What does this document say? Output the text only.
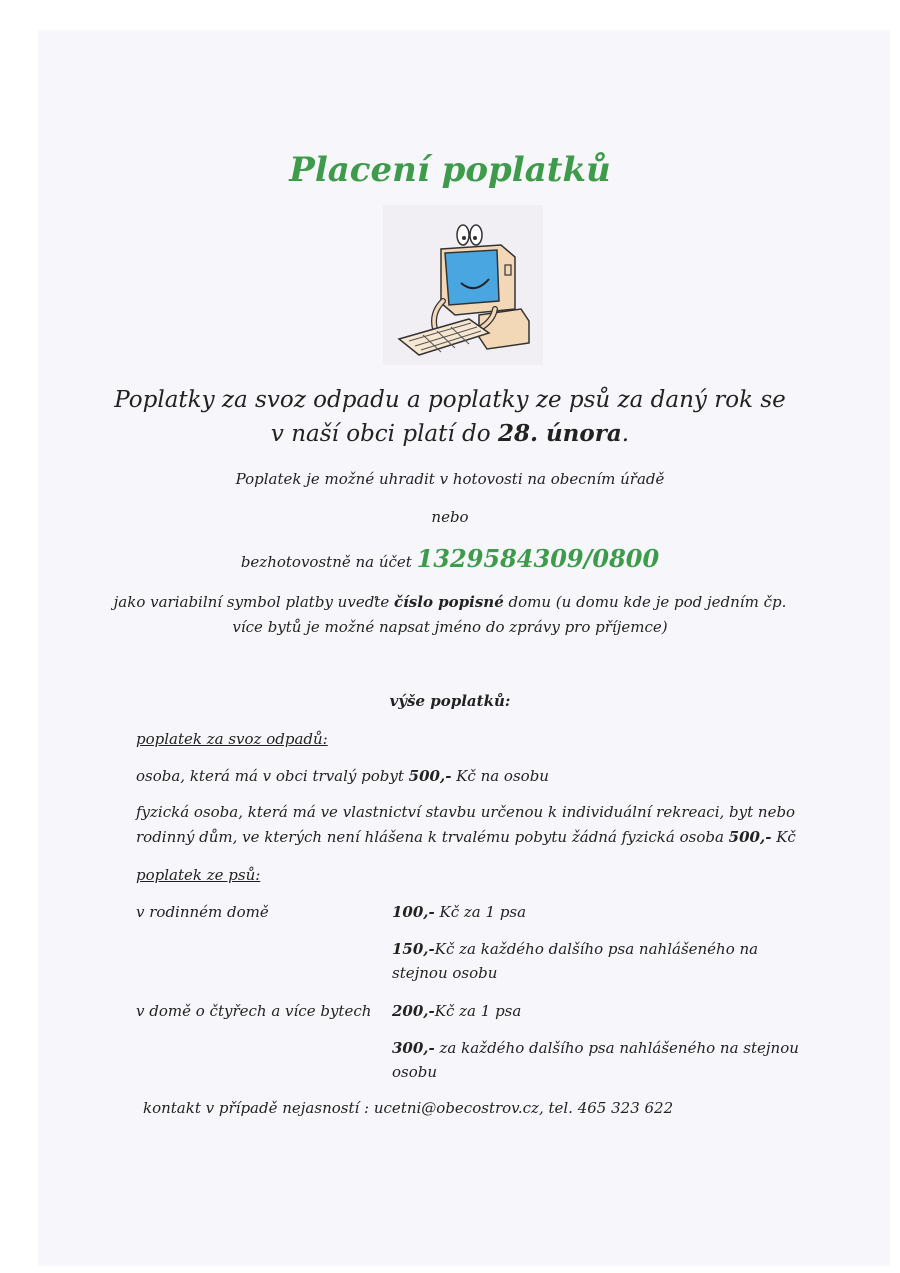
Placení poplatků
Poplatky za svoz odpadu a poplatky ze psů za daný rok se
v naší obci platí do 28. února.
Poplatek je možné uhradit v hotovosti na obecním úřadě
nebo
bezhotovostně na účet 1329584309/0800
jako variabilní symbol platby uveďte číslo popisné domu (u domu kde je pod jedním čp.
více bytů je možné napsat jméno do zprávy pro příjemce)
výše poplatků:
poplatek za svoz odpadů:
osoba, která má v obci trvalý pobyt 500,- Kč na osobu
fyzická osoba, která má ve vlastnictví stavbu určenou k individuální rekreaci, byt nebo
rodinný dům, ve kterých není hlášena k trvalému pobytu žádná fyzická osoba 500,- Kč
poplatek ze psů:
v rodinném domě	100,- Kč za 1 psa
150,-Kč za každého dalšího psa nahlášeného na
stejnou osobu
v domě o čtyřech a více bytech 200,-Kč za 1 psa
300,- za každého dalšího psa nahlášeného na stejnou
osobu
kontakt v případě nejasností : ucetni@obecostrov.cz, tel. 465 323 622
